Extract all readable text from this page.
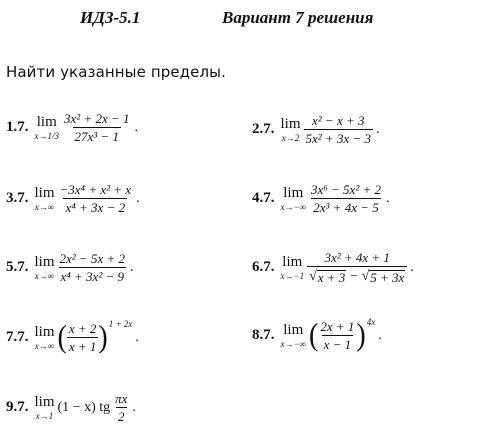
ИДЗ-5.1	Вариант 7 решения
Найти указанные пределы.
1.7. lim
$x\to 1/3 \frac{\text{3x² + 2x − 1}}{\text{27x³ − 1}}$ .	2.7. lim
$x\to 2 \frac{\text{x² − x + 3}}{\text{5x² + 3x − 3}}$ .
3.7. lim
$x\to\infty \frac{\text{−3x⁴ + x² + x}}{\text{x⁴ + 3x − 2}}$ .	4.7. lim
$x\to-\infty \frac{\text{3x⁶ − 5x² + 2}}{\text{2x³ + 4x − 5}}$ .
5.7. lim
$x\to\infty \frac{\text{2x² − 5x + 2}}{\text{x⁴ + 3x² − 9}}$ .	6.7. lim
$x\to-1 \frac{\text{3x² + 4x + 1}}{√ x + 3 - √ 5 + 3x}$ .
7.7. lim
x→∞ ( $\frac{x + 2}{x + 1}$ ) 1 + 2x
.	8.7. lim
x→−∞ ( $\frac{2x + 1}{x - 1}$ ) 4x
.
9.7. lim
x→1
(1 − x) tg $\frac{\pi x}{2}$ .
